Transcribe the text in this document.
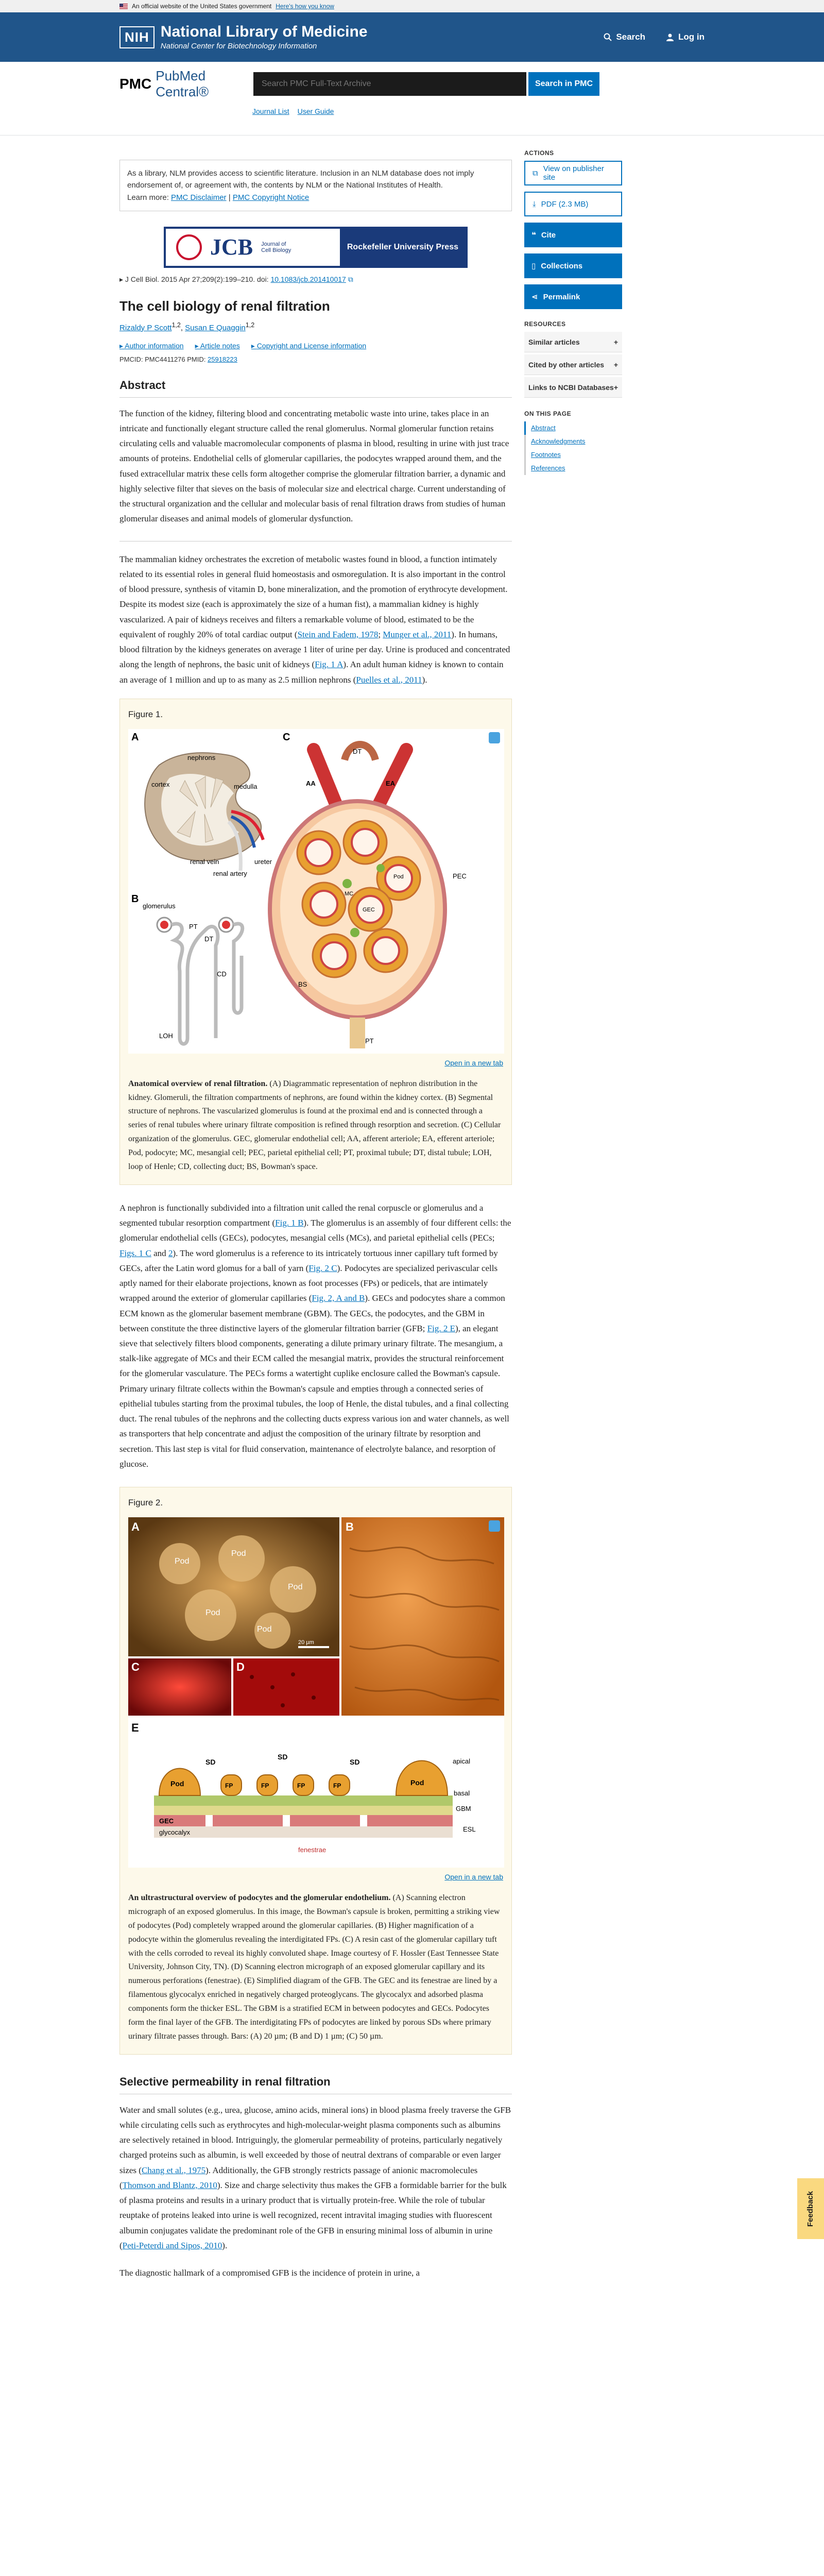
An official website of the United States government Here's how you know
NIH National Library of Medicine
National Center for Biotechnology Information
Search	Log in
PMC PubMed Central®
Search PMC Full-Text Archive
Search in PMC
Journal List User Guide
As a library, NLM provides access to scientific literature. Inclusion in an NLM database does not imply endorsement of, or agreement with, the contents by NLM or the National Institutes of Health.
Learn more: PMC Disclaimer | PMC Copyright Notice
JCB Journal of Cell Biology	Rockefeller University Press
▸ J Cell Biol. 2015 Apr 27;209(2):199–210. doi: 10.1083/jcb.201410017 ⧉
The cell biology of renal filtration
Rizaldy P Scott$^{1,2}$, Susan E Quaggin$^{1,2}$
▸ Author information ▸ Article notes ▸ Copyright and License information
PMCID: PMC4411276 PMID: 25918223
Abstract

The function of the kidney, filtering blood and concentrating metabolic waste into urine, takes place in an intricate and functionally elegant structure called the renal glomerulus. Normal glomerular function retains circulating cells and valuable macromolecular components of plasma in blood, resulting in urine with just trace amounts of proteins. Endothelial cells of glomerular capillaries, the podocytes wrapped around them, and the fused extracellular matrix these cells form altogether comprise the glomerular filtration barrier, a dynamic and highly selective filter that sieves on the basis of molecular size and electrical charge. Current understanding of the structural organization and the cellular and molecular basis of renal filtration draws from studies of human glomerular diseases and animal models of glomerular dysfunction.

The mammalian kidney orchestrates the excretion of metabolic wastes found in blood, a function intimately related to its essential roles in general fluid homeostasis and osmoregulation. It is also important in the control of blood pressure, synthesis of vitamin D, bone mineralization, and the promotion of erythrocyte development. Despite its modest size (each is approximately the size of a human fist), a mammalian kidney is highly vascularized. A pair of kidneys receives and filters a remarkable volume of blood, estimated to be the equivalent of roughly 20% of total cardiac output (Stein and Fadem, 1978; Munger et al., 2011). In humans, blood filtration by the kidneys generates on average 1 liter of urine per day. Urine is produced and concentrated along the length of nephrons, the basic unit of kidneys (Fig. 1 A). An adult human kidney is known to contain an average of 1 million and up to as many as 2.5 million nephrons (Puelles et al., 2011).

Figure 1.
A
nephrons
cortex	medulla
renal vein	ureter
renal artery
B
glomerulus
DT
PT
CD
LOH
C
DT
AA	EA
PEC
BS
PT
Pod
MC
GEC
Open in a new tab

Anatomical overview of renal filtration. (A) Diagrammatic representation of nephron distribution in the kidney. Glomeruli, the filtration compartments of nephrons, are found within the kidney cortex. (B) Segmental structure of nephrons. The vascularized glomerulus is found at the proximal end and is connected through a series of renal tubules where urinary filtrate composition is refined through resorption and secretion. (C) Cellular organization of the glomerulus. GEC, glomerular endothelial cell; AA, afferent arteriole; EA, efferent arteriole; Pod, podocyte; MC, mesangial cell; PEC, parietal epithelial cell; PT, proximal tubule; DT, distal tubule; LOH, loop of Henle; CD, collecting duct; BS, Bowman's space.

A nephron is functionally subdivided into a filtration unit called the renal corpuscle or glomerulus and a segmented tubular resorption compartment (Fig. 1 B). The glomerulus is an assembly of four different cells: the glomerular endothelial cells (GECs), podocytes, mesangial cells (MCs), and parietal epithelial cells (PECs; Figs. 1 C and 2). The word glomerulus is a reference to its intricately tortuous inner capillary tuft formed by GECs, after the Latin word glomus for a ball of yarn (Fig. 2 C). Podocytes are specialized perivascular cells aptly named for their elaborate projections, known as foot processes (FPs) or pedicels, that are intimately wrapped around the exterior of glomerular capillaries (Fig. 2, A and B). GECs and podocytes share a common ECM known as the glomerular basement membrane (GBM). The GECs, the podocytes, and the GBM in between constitute the three distinctive layers of the glomerular filtration barrier (GFB; Fig. 2 E), an elegant sieve that selectively filters blood components, generating a dilute primary urinary filtrate. The mesangium, a stalk-like aggregate of MCs and their ECM called the mesangial matrix, provides the structural reinforcement for the glomerular vasculature. The PECs forms a watertight cuplike enclosure called the Bowman's capsule. Primary urinary filtrate collects within the Bowman's capsule and empties through a connected series of epithelial tubules starting from the proximal tubules, the loop of Henle, the distal tubules, and a final collecting duct. The renal tubules of the nephrons and the collecting ducts express various ion and water channels, as well as transporters that help concentrate and adjust the composition of the urinary filtrate by resorption and secretion. This last step is vital for fluid conservation, maintenance of electrolyte balance, and resorption of glucose.

Figure 2.
A
Pod
Pod
Pod
Pod
Pod
20 µm
B
C	D
E
Pod	Pod
FP	FP	FP	FP
SD
SD
SD	apical
basal
GBM
GEC
glycocalyx
fenestrae
ESL
Open in a new tab

An ultrastructural overview of podocytes and the glomerular endothelium. (A) Scanning electron micrograph of an exposed glomerulus. In this image, the Bowman's capsule is broken, permitting a striking view of podocytes (Pod) completely wrapped around the glomerular capillaries. (B) Higher magnification of a podocyte within the glomerulus revealing the interdigitated FPs. (C) A resin cast of the glomerular capillary tuft with the cells corroded to reveal its highly convoluted shape. Image courtesy of F. Hossler (East Tennessee State University, Johnson City, TN). (D) Scanning electron micrograph of an exposed glomerular capillary and its numerous perforations (fenestrae). (E) Simplified diagram of the GFB. The GEC and its fenestrae are lined by a filamentous glycocalyx enriched in negatively charged proteoglycans. The glycocalyx and adsorbed plasma components form the thicker ESL. The GBM is a stratified ECM in between podocytes and GECs. Podocytes form the final layer of the GFB. The interdigitating FPs of podocytes are linked by porous SDs where primary urinary filtrate passes through. Bars: (A) 20 µm; (B and D) 1 µm; (C) 50 µm.

Selective permeability in renal filtration

Water and small solutes (e.g., urea, glucose, amino acids, mineral ions) in blood plasma freely traverse the GFB while circulating cells such as erythrocytes and high-molecular-weight plasma components such as albumins are selectively retained in blood. Intriguingly, the glomerular permeability of proteins, particularly negatively charged proteins such as albumin, is well exceeded by those of neutral dextrans of comparable or even larger sizes (Chang et al., 1975). Additionally, the GFB strongly restricts passage of anionic macromolecules (Thomson and Blantz, 2010). Size and charge selectivity thus makes the GFB a formidable barrier for the bulk of plasma proteins and results in a urinary product that is virtually protein-free. While the role of tubular reuptake of proteins leaked into urine is well recognized, recent intravital imaging studies with fluorescent albumin conjugates validate the predominant role of the GFB in ensuring minimal loss of albumin in urine (Peti-Peterdi and Sipos, 2010).

The diagnostic hallmark of a compromised GFB is the incidence of protein in urine, a

ACTIONS
⧉ View on publisher site
⤓ PDF (2.3 MB)
❝ Cite
▯ Collections
⋖ Permalink
RESOURCES
Similar articles	+
Cited by other articles +
Links to NCBI Databases +
ON THIS PAGE
Abstract
Acknowledgments
Footnotes
References
Feedback
